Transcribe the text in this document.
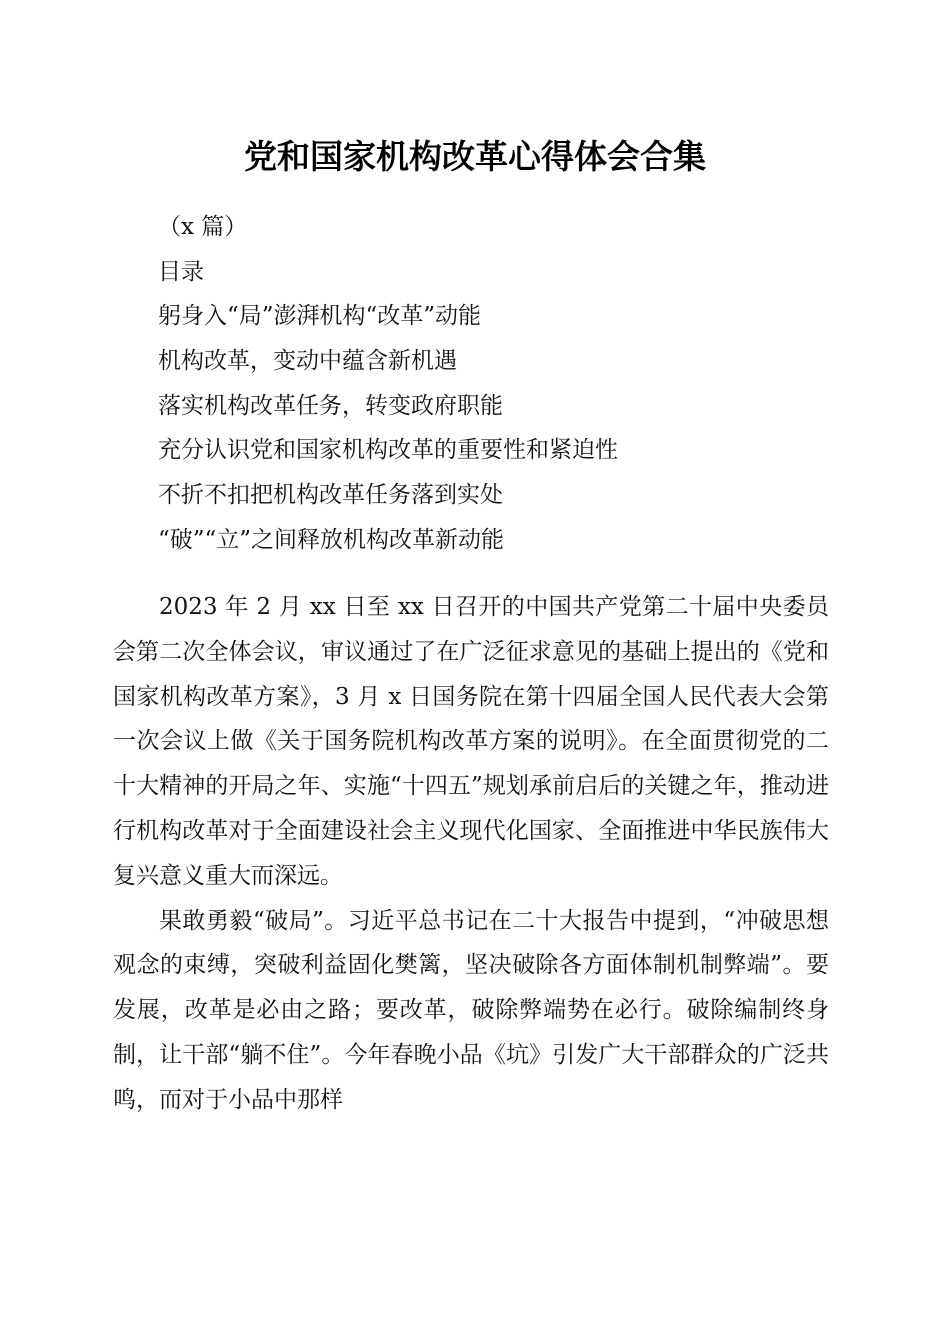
党和国家机构改革心得体会合集
（x 篇）
目录
躬身入“局”澎湃机构“改革”动能
机构改革，变动中蕴含新机遇
落实机构改革任务，转变政府职能
充分认识党和国家机构改革的重要性和紧迫性
不折不扣把机构改革任务落到实处
“破”“立”之间释放机构改革新动能

2023 年 2 月 xx 日至 xx 日召开的中国共产党第二十届中央委员会第二次全体会议，审议通过了在广泛征求意见的基础上提出的《党和国家机构改革方案》，3 月 x 日国务院在第十四届全国人民代表大会第一次会议上做《关于国务院机构改革方案的说明》。在全面贯彻党的二十大精神的开局之年、实施“十四五”规划承前启后的关键之年，推动进行机构改革对于全面建设社会主义现代化国家、全面推进中华民族伟大复兴意义重大而深远。

果敢勇毅“破局”。习近平总书记在二十大报告中提到，“冲破思想观念的束缚，突破利益固化樊篱，坚决破除各方面体制机制弊端”。要发展，改革是必由之路；要改革，破除弊端势在必行。破除编制终身制，让干部“躺不住”。今年春晚小品《坑》引发广大干部群众的广泛共鸣，而对于小品中那样
